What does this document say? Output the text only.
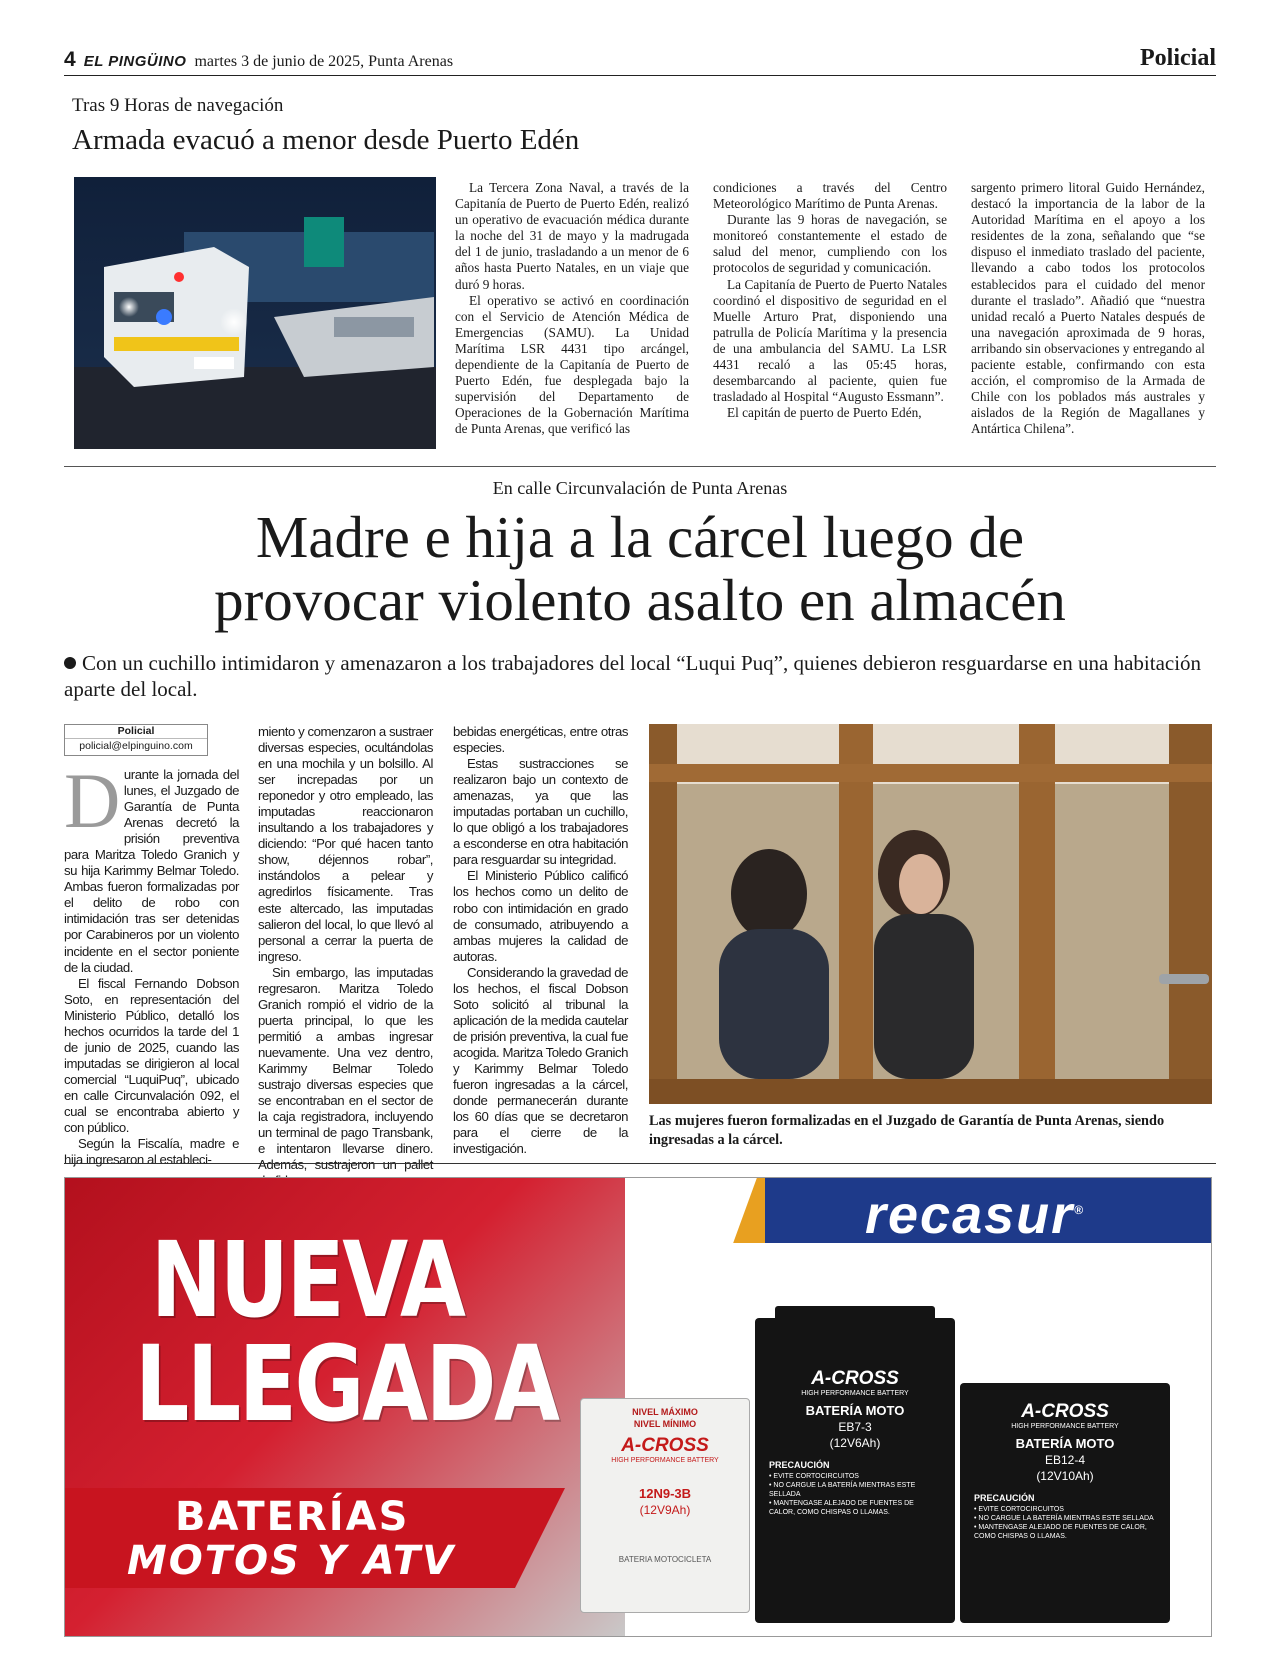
4 EL PINGÜINO martes 3 de junio de 2025, Punta Arenas	Policial
Tras 9 Horas de navegación
Armada evacuó a menor desde Puerto Edén

La Tercera Zona Naval, a través de la Capitanía de Puerto de Puerto Edén, realizó un operativo de evacuación médica durante la noche del 31 de mayo y la madrugada del 1 de junio, trasladando a un menor de 6 años hasta Puerto Natales, en un viaje que duró 9 horas.

El operativo se activó en coordinación con el Servicio de Atención Médica de Emergencias (SAMU). La Unidad Marítima LSR 4431 tipo arcángel, dependiente de la Capitanía de Puerto de Puerto Edén, fue desplegada bajo la supervisión del Departamento de Operaciones de la Gobernación Marítima de Punta Arenas, que verificó las

condiciones a través del Centro Meteorológico Marítimo de Punta Arenas.

Durante las 9 horas de navegación, se monitoreó constantemente el estado de salud del menor, cumpliendo con los protocolos de seguridad y comunicación.

La Capitanía de Puerto de Puerto Natales coordinó el dispositivo de seguridad en el Muelle Arturo Prat, disponiendo una patrulla de Policía Marítima y la presencia de una ambulancia del SAMU. La LSR 4431 recaló a las 05:45 horas, desembarcando al paciente, quien fue trasladado al Hospital “Augusto Essmann”.

El capitán de puerto de Puerto Edén,

sargento primero litoral Guido Hernández, destacó la importancia de la labor de la Autoridad Marítima en el apoyo a los residentes de la zona, señalando que “se dispuso el inmediato traslado del paciente, llevando a cabo todos los protocolos establecidos para el cuidado del menor durante el traslado”. Añadió que “nuestra unidad recaló a Puerto Natales después de una navegación aproximada de 9 horas, arribando sin observaciones y entregando al paciente estable, confirmando con esta acción, el compromiso de la Armada de Chile con los poblados más australes y aislados de la Región de Magallanes y Antártica Chilena”.

En calle Circunvalación de Punta Arenas
Madre e hija a la cárcel luego de
provocar violento asalto en almacén
Con un cuchillo intimidaron y amenazaron a los trabajadores del local “Luqui Puq”, quienes debieron resguardarse en una habitación aparte del local.
Policial
policial@elpinguino.com

Durante la jornada del lunes, el Juzgado de Garantía de Punta Arenas decretó la prisión preventiva para Maritza Toledo Granich y su hija Karimmy Belmar Toledo. Ambas fueron formalizadas por el delito de robo con intimidación tras ser detenidas por Carabineros por un violento incidente en el sector poniente de la ciudad.

El fiscal Fernando Dobson Soto, en representación del Ministerio Público, detalló los hechos ocurridos la tarde del 1 de junio de 2025, cuando las imputadas se dirigieron al local comercial “LuquiPuq”, ubicado en calle Circunvalación 092, el cual se encontraba abierto y con público.

Según la Fiscalía, madre e hija ingresaron al estableci-

miento y comenzaron a sustraer diversas especies, ocultándolas en una mochila y un bolsillo. Al ser increpadas por un reponedor y otro empleado, las imputadas reaccionaron insultando a los trabajadores y diciendo: “Por qué hacen tanto show, déjennos robar”, instándolos a pelear y agredirlos físicamente. Tras este altercado, las imputadas salieron del local, lo que llevó al personal a cerrar la puerta de ingreso.

Sin embargo, las imputadas regresaron. Maritza Toledo Granich rompió el vidrio de la puerta principal, lo que les permitió a ambas ingresar nuevamente. Una vez dentro, Karimmy Belmar Toledo sustrajo diversas especies que se encontraban en el sector de la caja registradora, incluyendo un terminal de pago Transbank, e intentaron llevarse dinero. Además, sustrajeron un pallet

bebidas energéticas, entre otras especies.

Estas sustracciones se realizaron bajo un contexto de amenazas, ya que las imputadas portaban un cuchillo, lo que obligó a los trabajadores a esconderse en otra habitación para resguardar su integridad.

El Ministerio Público calificó los hechos como un delito de robo con intimidación en grado de consumado, atribuyendo a ambas mujeres la calidad de autoras.

Considerando la gravedad de los hechos, el fiscal Dobson Soto solicitó al tribunal la aplicación de la medida cautelar de prisión preventiva, la cual fue acogida. Maritza Toledo Granich y Karimmy Belmar Toledo fueron ingresadas a la cárcel, donde permanecerán durante los 60 días que se decretaron para el cierre de la investigación.

Las mujeres fueron formalizadas en el Juzgado de Garantía de Punta Arenas, siendo ingresadas a la cárcel.
recasur®
NUEVA
LLEGADA
BATERÍAS
MOTOS Y ATV
NIVEL MÁXIMO
NIVEL MÍNIMO
A-CROSS
HIGH PERFORMANCE BATTERY
12N9-3B
(12V9Ah)
BATERIA MOTOCICLETA
A-CROSS
HIGH PERFORMANCE BATTERY
BATERÍA MOTO
EB7-3
(12V6Ah)
PRECAUCIÓN
• EVITE CORTOCIRCUITOS
• NO CARGUE LA BATERÍA MIENTRAS ESTE SELLADA
• MANTENGASE ALEJADO DE FUENTES DE CALOR, COMO CHISPAS O LLAMAS.
A-CROSS
HIGH PERFORMANCE BATTERY
BATERÍA MOTO
EB12-4
(12V10Ah)
PRECAUCIÓN
• EVITE CORTOCIRCUITOS
• NO CARGUE LA BATERÍA MIENTRAS ESTE SELLADA
• MANTENGASE ALEJADO DE FUENTES DE CALOR, COMO CHISPAS O LLAMAS.
